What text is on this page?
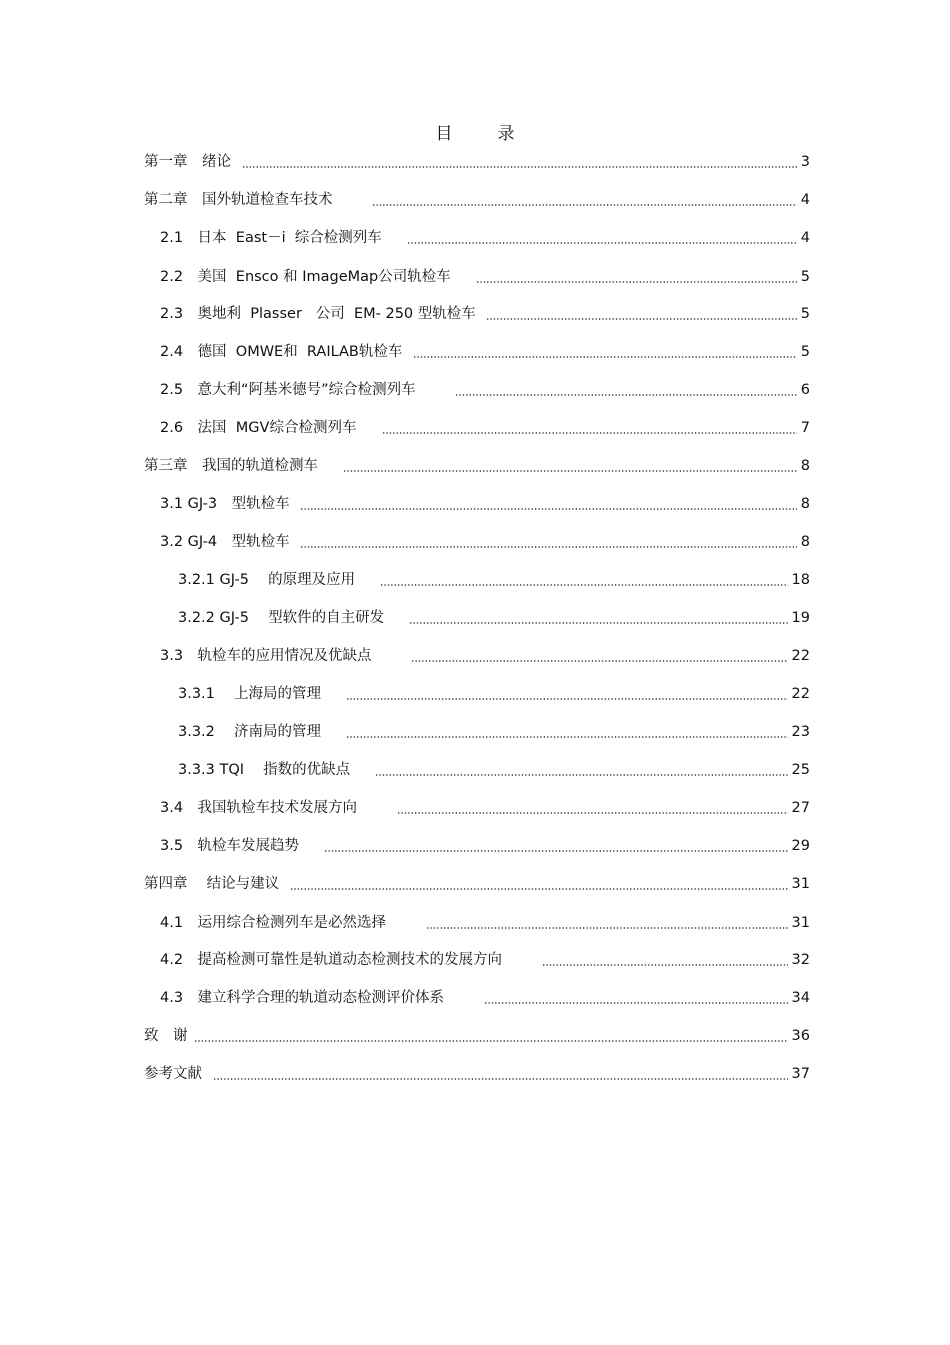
目　录
第一章　绪论	3
第二章　国外轨道检查车技术 　　	4
2.1　日本  East－i  综合检测列车　	4
2.2　美国  Ensco 和 ImageMap公司轨检车　	5
2.3　奥地利  Plasser   公司  EM- 250 型轨检车	5
2.4　德国  OMWE和  RAILAB轨检车	5
2.5　意大利“阿基米德号”综合检测列车　　	6
2.6　法国  MGV综合检测列车　	7
第三章　我国的轨道检测车　	8
3.1 GJ-3　型轨检车	8
3.2 GJ-4　型轨检车	8
3.2.1 GJ-5　 的原理及应用　	18
3.2.2 GJ-5　 型软件的自主研发　	19
3.3　轨检车的应用情况及优缺点　　	22
3.3.1　 上海局的管理　	22
3.3.2　 济南局的管理　	23
3.3.3 TQI　 指数的优缺点　	25
3.4　我国轨检车技术发展方向　　	27
3.5　轨检车发展趋势　	29
第四章　 结论与建议	31
4.1　运用综合检测列车是必然选择　　	31
4.2　提高检测可靠性是轨道动态检测技术的发展方向　　	32
4.3　建立科学合理的轨道动态检测评价体系　　	34
致　谢	36
参考文献	37
